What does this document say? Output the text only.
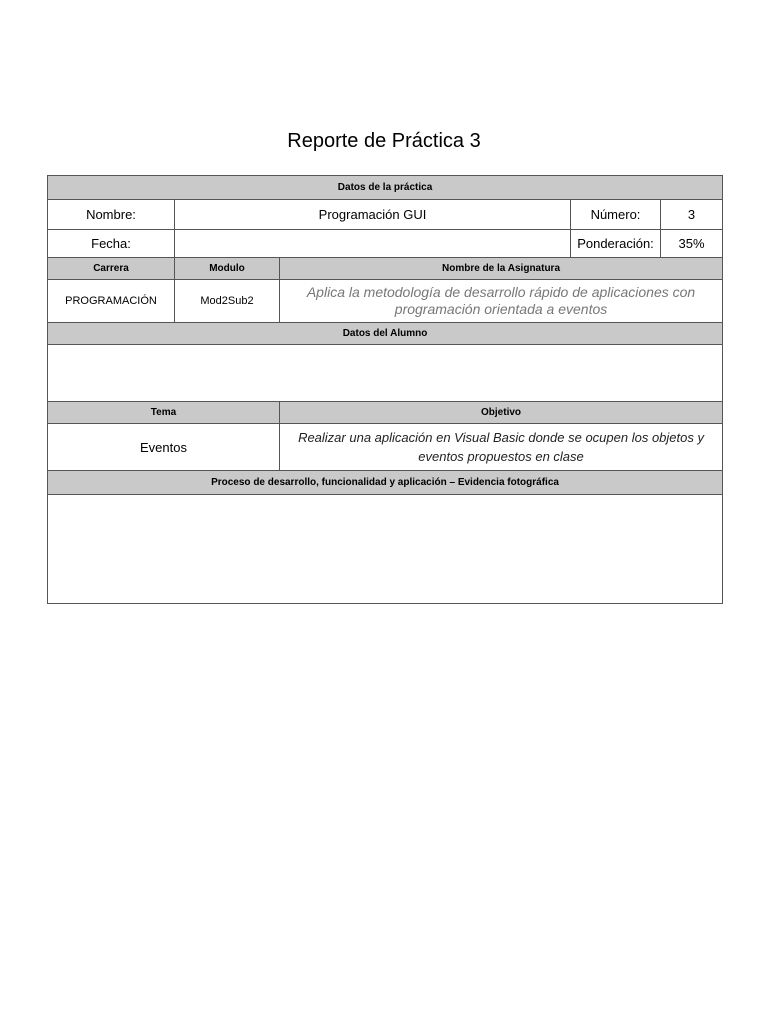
Reporte de Práctica 3
Datos de la práctica				
Nombre:	Programación GUI		Número:	3
Fecha:			Ponderación:	35%
Carrera	Modulo	Nombre de la Asignatura		
PROGRAMACIÓN	Mod2Sub2	Aplica la metodología de desarrollo rápido de aplicaciones con programación orientada a eventos		
Datos del Alumno				

Tema		Objetivo		
Eventos		Realizar una aplicación en Visual Basic donde se ocupen los objetos y eventos propuestos en clase		
Proceso de desarrollo, funcionalidad y aplicación – Evidencia fotográfica				
